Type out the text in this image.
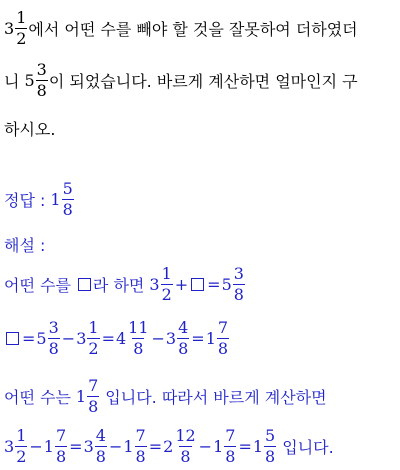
$3 \frac{1}{2}$ 에서 어떤 수를 빼야 할 것을 잘못하여 더하였더
니 $5 \frac{3}{8}$ 이 되었습니다. 바르게 계산하면 얼마인지 구
하시오.
정답 : $1 \frac{5}{8}$
해설 :
어떤 수를 라 하면 $3 \frac{1}{2}$ + = $5 \frac{3}{8}$
= $5 \frac{3}{8} - 3 \frac{1}{2} = 4 \frac{11}{8} - 3 \frac{4}{8} = 1 \frac{7}{8}$
어떤 수는 $1 \frac{7}{8}$ 입니다. 따라서 바르게 계산하면
$3 \frac{1}{2} - 1 \frac{7}{8} = 3 \frac{4}{8} - 1 \frac{7}{8} = 2 \frac{12}{8} - 1 \frac{7}{8} = 1 \frac{5}{8}$ 입니다.
